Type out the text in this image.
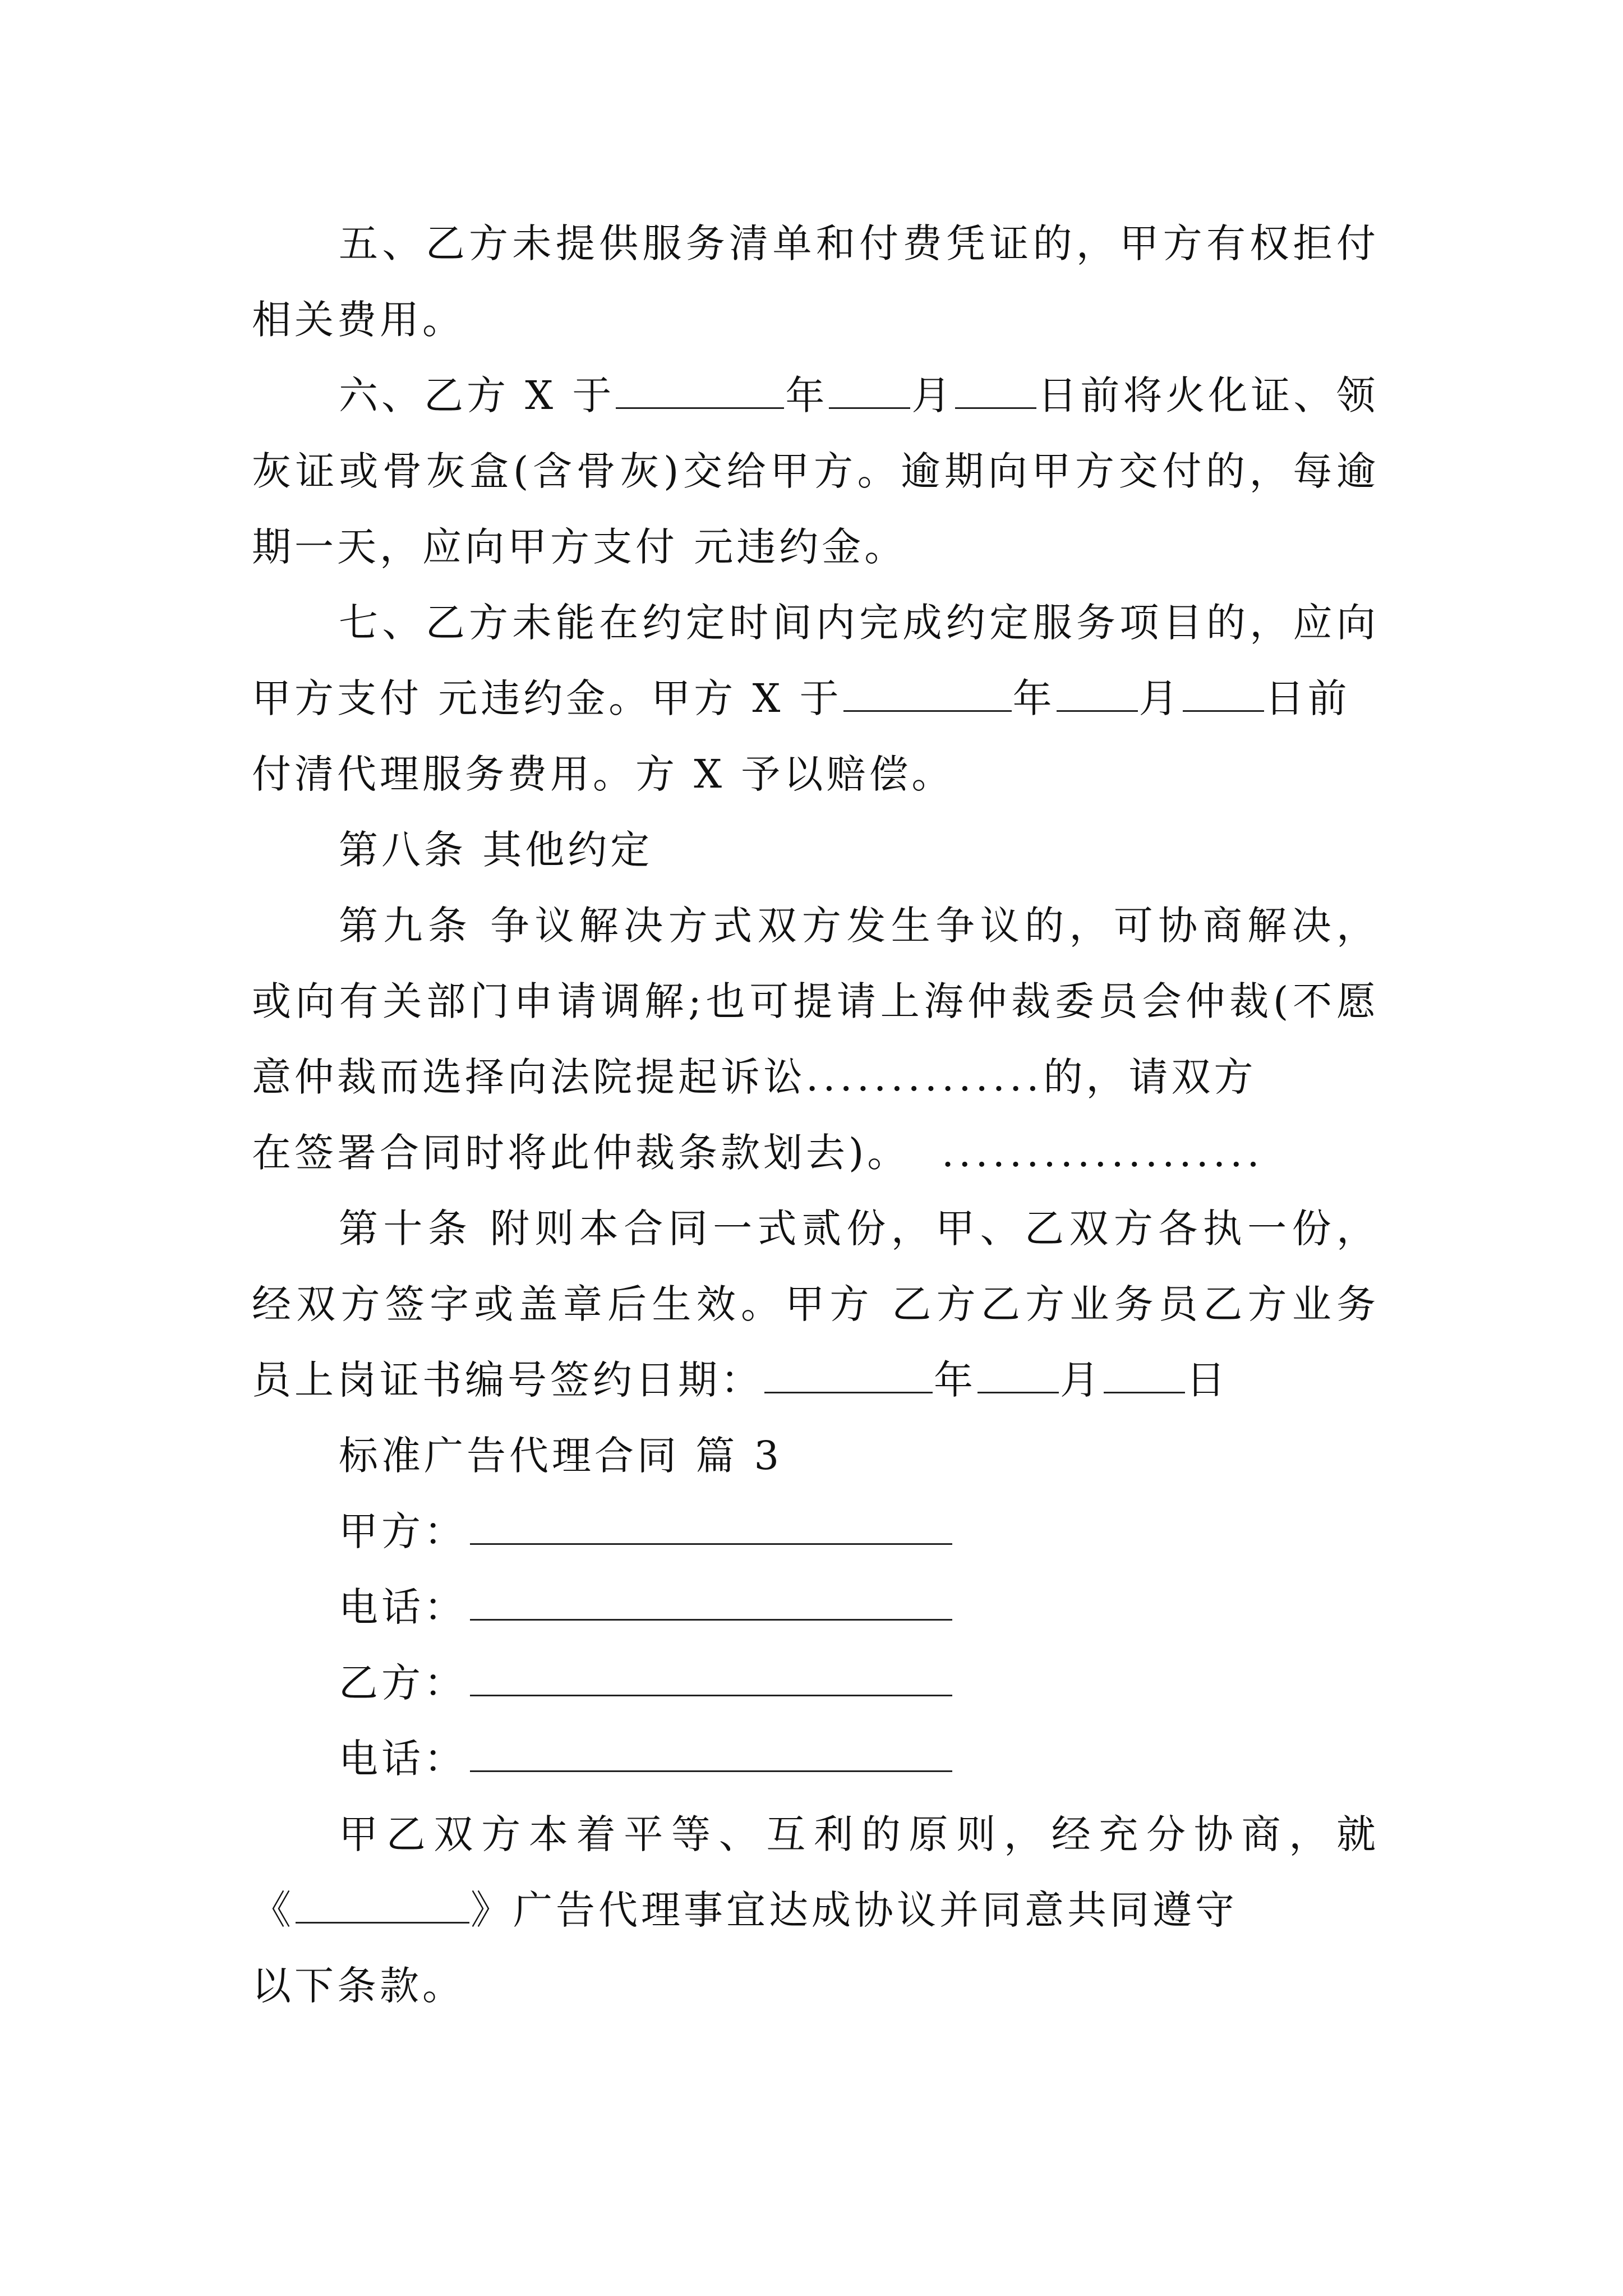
五、乙方未提供服务清单和付费凭证的，甲方有权拒付
相关费用。
六、乙方 X 于	年 月 日前将火化证、领
灰证或骨灰盒(含骨灰)交给甲方。逾期向甲方交付的，每逾
期一天，应向甲方支付 元违约金。
七、乙方未能在约定时间内完成约定服务项目的，应向
甲方支付 元违约金。甲方 X 于	年 月 日前
付清代理服务费用。方 X 予以赔偿。
第八条 其他约定
第九条 争议解决方式双方发生争议的，可协商解决，
或向有关部门申请调解;也可提请上海仲裁委员会仲裁(不愿
意仲裁而选择向法院提起诉讼..............的，请双方
在签署合同时将此仲裁条款划去)。 ...................
第十条 附则本合同一式贰份，甲、乙双方各执一份，
经双方签字或盖章后生效。甲方 乙方乙方业务员乙方业务
员上岗证书编号签约日期：	年 月 日
标准广告代理合同 篇 3
甲方：
电话：
乙方：
电话：
甲乙双方本着平等、互利的原则，经充分协商，就
《	》广告代理事宜达成协议并同意共同遵守
以下条款。
